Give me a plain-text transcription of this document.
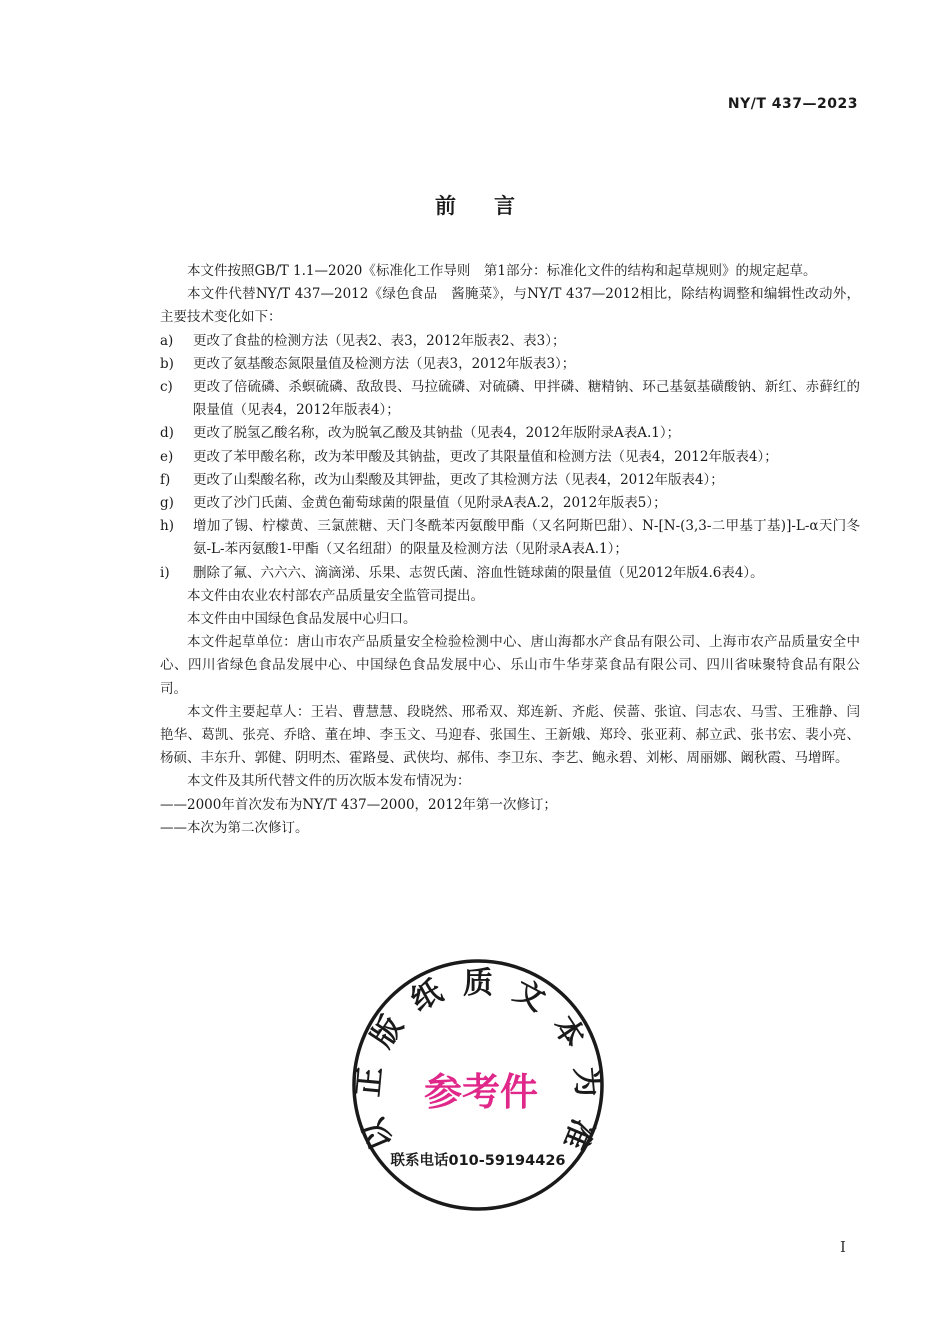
NY/T 437—2023
前 言

本文件按照GB/T 1.1—2020《标准化工作导则　第1部分：标准化文件的结构和起草规则》的规定起草。

本文件代替NY/T 437—2012《绿色食品　酱腌菜》，与NY/T 437—2012相比，除结构调整和编辑性改动外，主要技术变化如下：

a) 更改了食盐的检测方法（见表2、表3，2012年版表2、表3）；
b) 更改了氨基酸态氮限量值及检测方法（见表3，2012年版表3）；
c) 更改了倍硫磷、杀螟硫磷、敌敌畏、马拉硫磷、对硫磷、甲拌磷、糖精钠、环己基氨基磺酸钠、新红、赤藓红的限量值（见表4，2012年版表4）；
d) 更改了脱氢乙酸名称，改为脱氧乙酸及其钠盐（见表4，2012年版附录A表A.1）；
e) 更改了苯甲酸名称，改为苯甲酸及其钠盐，更改了其限量值和检测方法（见表4，2012年版表4）；
f) 更改了山梨酸名称，改为山梨酸及其钾盐，更改了其检测方法（见表4，2012年版表4）；
g) 更改了沙门氏菌、金黄色葡萄球菌的限量值（见附录A表A.2，2012年版表5）；
h) 增加了锡、柠檬黄、三氯蔗糖、天门冬酰苯丙氨酸甲酯（又名阿斯巴甜）、N-[N-(3,3-二甲基丁基)]-L-α天门冬氨-L-苯丙氨酸1-甲酯（又名纽甜）的限量及检测方法（见附录A表A.1）；
i) 删除了氟、六六六、滴滴涕、乐果、志贺氏菌、溶血性链球菌的限量值（见2012年版4.6表4）。

本文件由农业农村部农产品质量安全监管司提出。

本文件由中国绿色食品发展中心归口。

本文件起草单位：唐山市农产品质量安全检验检测中心、唐山海都水产食品有限公司、上海市农产品质量安全中心、四川省绿色食品发展中心、中国绿色食品发展中心、乐山市牛华芽菜食品有限公司、四川省味聚特食品有限公司。

本文件主要起草人：王岩、曹慧慧、段晓然、邢希双、郑连新、齐彪、侯蔷、张谊、闫志农、马雪、王雅静、闫艳华、葛凯、张亮、乔晗、董在坤、李玉文、马迎春、张国生、王新娥、郑玲、张亚莉、郝立武、张书宏、裴小亮、杨硕、丰东升、郭健、阴明杰、霍路曼、武侠均、郝伟、李卫东、李艺、鲍永碧、刘彬、周丽娜、阚秋霞、马增晖。

本文件及其所代替文件的历次版本发布情况为：

——2000年首次发布为NY/T 437—2000，2012年第一次修订；

——本次为第二次修订。

以正版纸质文本为准
参考件
联系电话010-59194426
I
